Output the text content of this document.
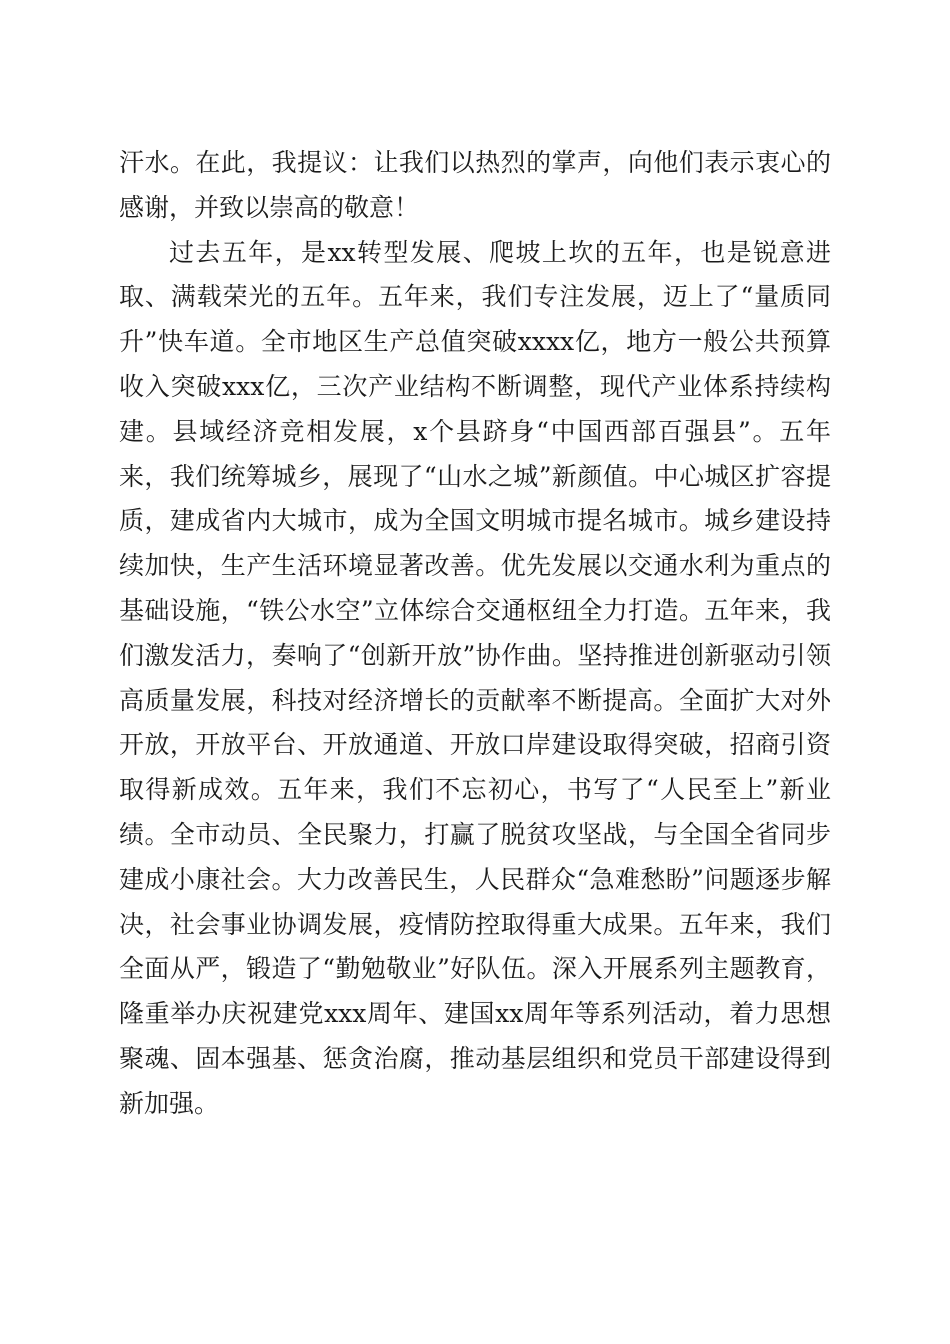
汗水。在此，我提议：让我们以热烈的掌声，向他们表示衷心的感谢，并致以崇高的敬意！

过去五年，是xx转型发展、爬坡上坎的五年，也是锐意进取、满载荣光的五年。五年来，我们专注发展，迈上了“量质同升”快车道。全市地区生产总值突破xxxx亿，地方一般公共预算收入突破xxx亿，三次产业结构不断调整，现代产业体系持续构建。县域经济竞相发展，x个县跻身“中国西部百强县”。五年来，我们统筹城乡，展现了“山水之城”新颜值。中心城区扩容提质，建成省内大城市，成为全国文明城市提名城市。城乡建设持续加快，生产生活环境显著改善。优先发展以交通水利为重点的基础设施，“铁公水空”立体综合交通枢纽全力打造。五年来，我们激发活力，奏响了“创新开放”协作曲。坚持推进创新驱动引领高质量发展，科技对经济增长的贡献率不断提高。全面扩大对外开放，开放平台、开放通道、开放口岸建设取得突破，招商引资取得新成效。五年来，我们不忘初心，书写了“人民至上”新业绩。全市动员、全民聚力，打赢了脱贫攻坚战，与全国全省同步建成小康社会。大力改善民生，人民群众“急难愁盼”问题逐步解决，社会事业协调发展，疫情防控取得重大成果。五年来，我们全面从严，锻造了“勤勉敬业”好队伍。深入开展系列主题教育，隆重举办庆祝建党xxx周年、建国xx周年等系列活动，着力思想聚魂、固本强基、惩贪治腐，推动基层组织和党员干部建设得到新加强。
